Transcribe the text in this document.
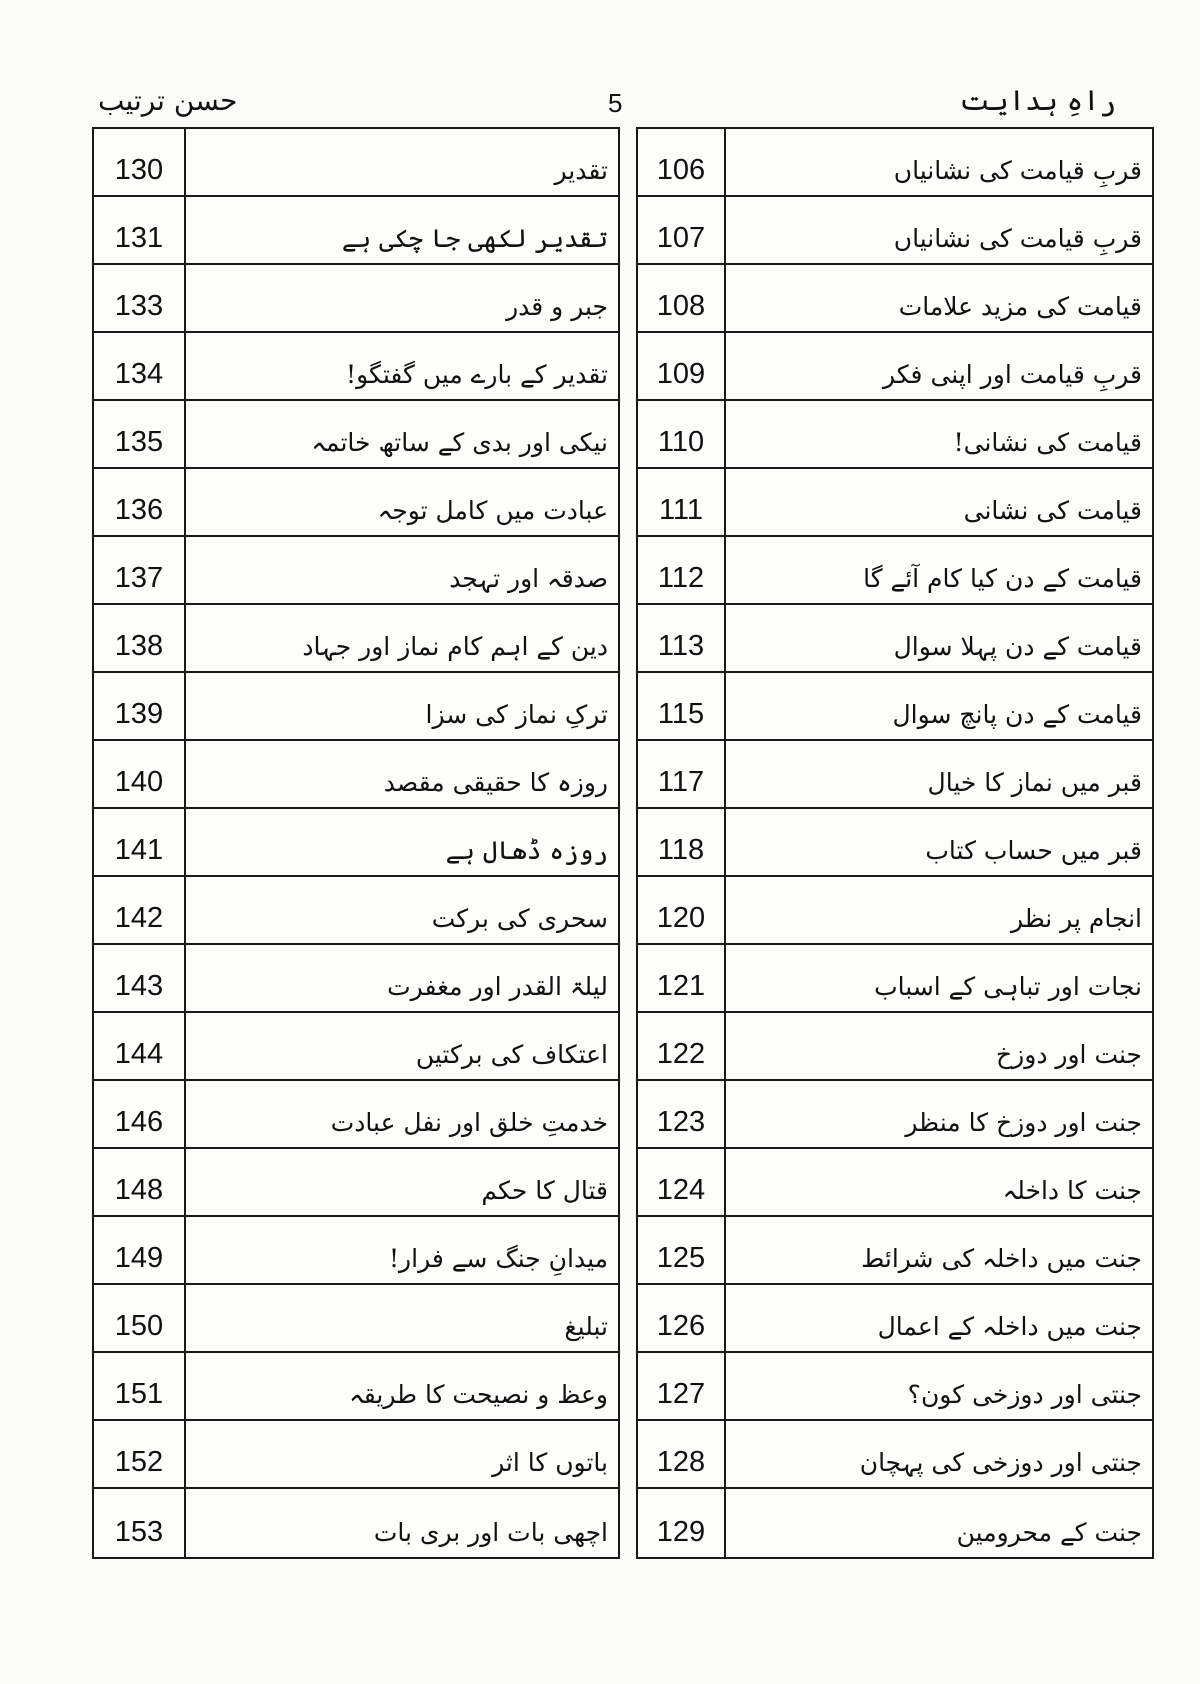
حسن ترتیب	5	راہِ ہدایت
130	تقدیر
131	تقدیر لکھی جا چکی ہے
133	جبر و قدر
134	تقدیر کے بارے میں گفتگو!
135	نیکی اور بدی کے ساتھ خاتمہ
136	عبادت میں کامل توجہ
137	صدقہ اور تہجد
138	دین کے اہم کام نماز اور جہاد
139	ترکِ نماز کی سزا
140	روزہ کا حقیقی مقصد
141	روزہ ڈھال ہے
142	سحری کی برکت
143	لیلۃ القدر اور مغفرت
144	اعتکاف کی برکتیں
146	خدمتِ خلق اور نفل عبادت
148	قتال کا حکم
149	میدانِ جنگ سے فرار!
150	تبلیغ
151	وعظ و نصیحت کا طریقہ
152	باتوں کا اثر
153	اچھی بات اور بری بات
106	قربِ قیامت کی نشانیاں
107	قربِ قیامت کی نشانیاں
108	قیامت کی مزید علامات
109	قربِ قیامت اور اپنی فکر
110	قیامت کی نشانی!
111	قیامت کی نشانی
112	قیامت کے دن کیا کام آئے گا
113	قیامت کے دن پہلا سوال
115	قیامت کے دن پانچ سوال
117	قبر میں نماز کا خیال
118	قبر میں حساب کتاب
120	انجام پر نظر
121	نجات اور تباہی کے اسباب
122	جنت اور دوزخ
123	جنت اور دوزخ کا منظر
124	جنت کا داخلہ
125	جنت میں داخلہ کی شرائط
126	جنت میں داخلہ کے اعمال
127	جنتی اور دوزخی کون؟
128	جنتی اور دوزخی کی پہچان
129	جنت کے محرومین
